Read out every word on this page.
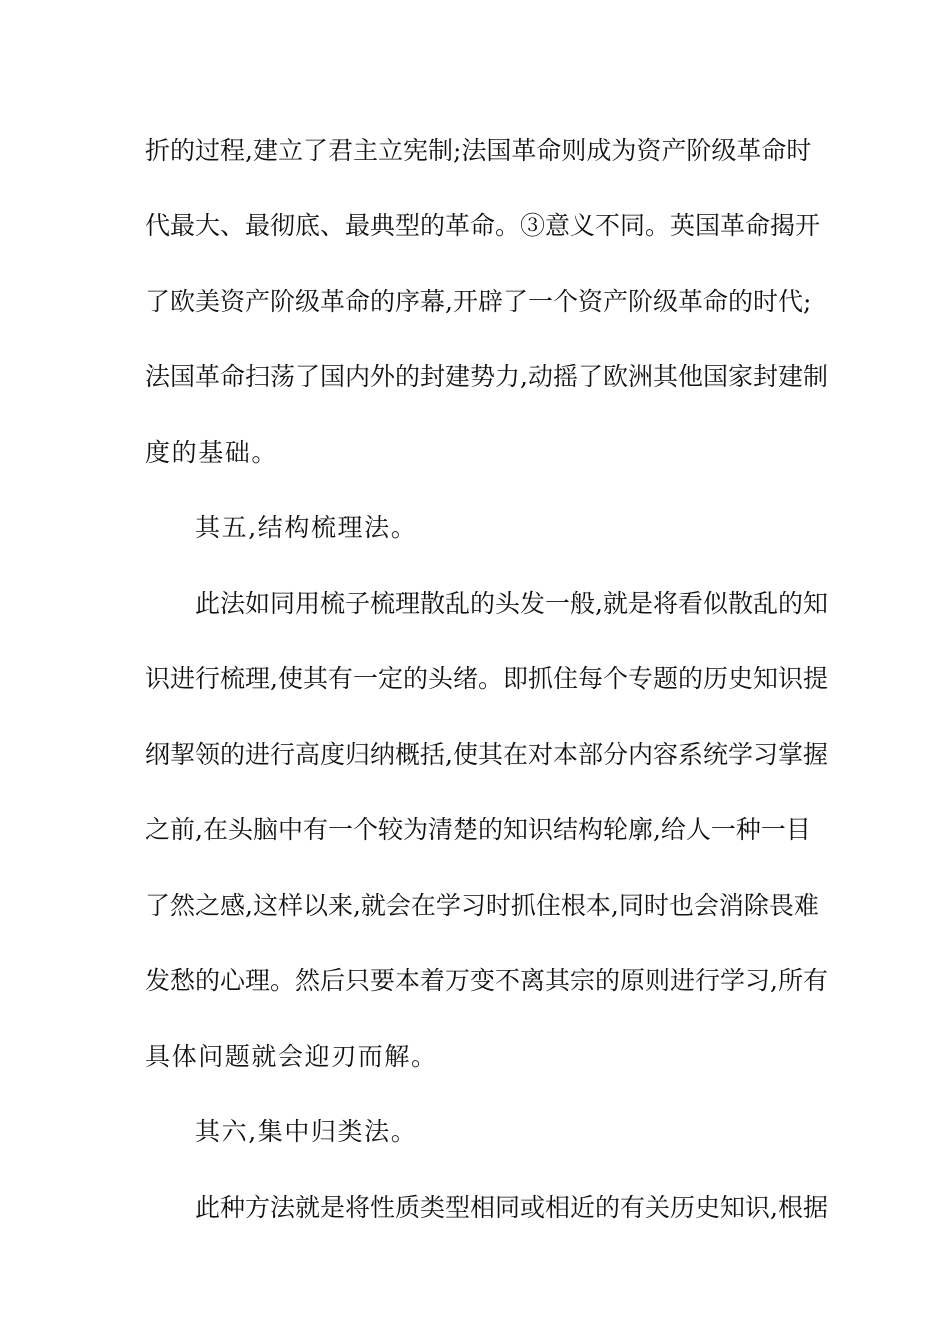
折的过程,建立了君主立宪制;法国革命则成为资产阶级革命时
代最大、最彻底、最典型的革命。③意义不同。英国革命揭开
了欧美资产阶级革命的序幕,开辟了一个资产阶级革命的时代;
法国革命扫荡了国内外的封建势力,动摇了欧洲其他国家封建制
度的基础。
其五,结构梳理法。
此法如同用梳子梳理散乱的头发一般,就是将看似散乱的知
识进行梳理,使其有一定的头绪。即抓住每个专题的历史知识提
纲挈领的进行高度归纳概括,使其在对本部分内容系统学习掌握
之前,在头脑中有一个较为清楚的知识结构轮廓,给人一种一目
了然之感,这样以来,就会在学习时抓住根本,同时也会消除畏难
发愁的心理。然后只要本着万变不离其宗的原则进行学习,所有
具体问题就会迎刃而解。
其六,集中归类法。
此种方法就是将性质类型相同或相近的有关历史知识,根据
